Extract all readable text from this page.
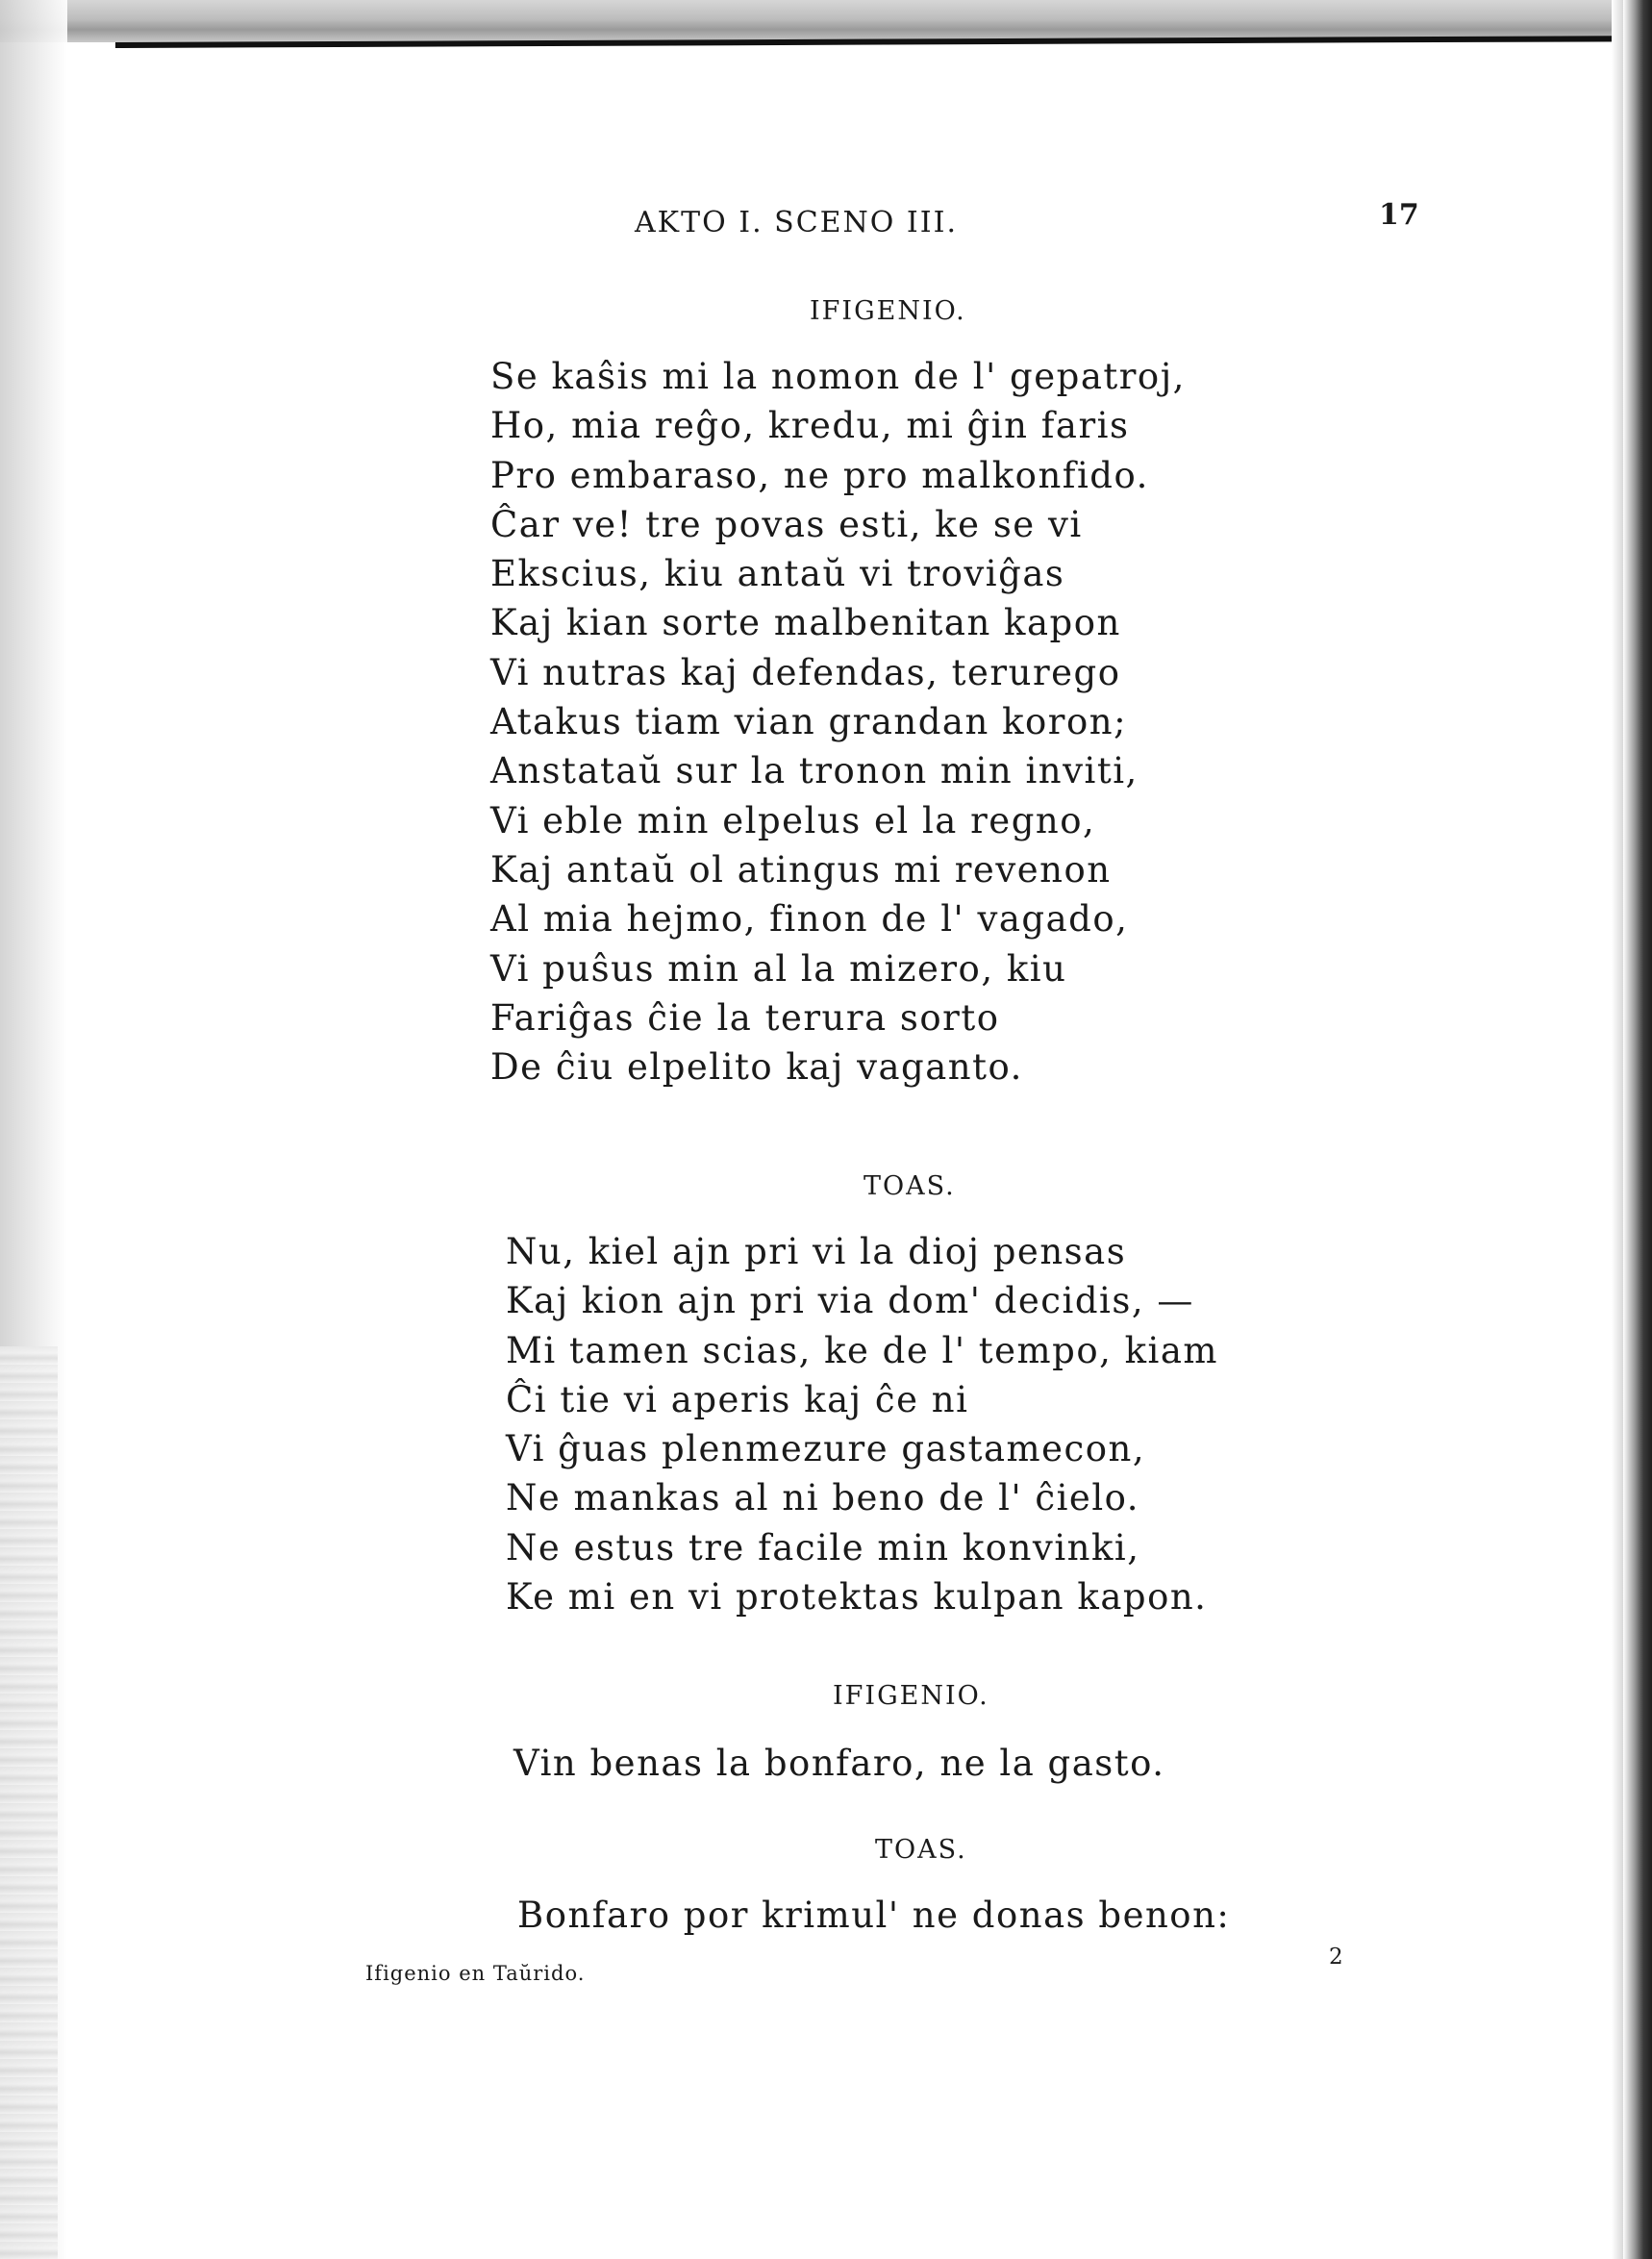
AKTO I. SCENO III.	17
IFIGENIO.
Se kaŝis mi la nomon de l' gepatroj,
Ho, mia reĝo, kredu, mi ĝin faris
Pro embaraso, ne pro malkonfido.
Ĉar ve! tre povas esti, ke se vi
Ekscius, kiu antaŭ vi troviĝas
Kaj kian sorte malbenitan kapon
Vi nutras kaj defendas, terurego
Atakus tiam vian grandan koron;
Anstataŭ sur la tronon min inviti,
Vi eble min elpelus el la regno,
Kaj antaŭ ol atingus mi revenon
Al mia hejmo, finon de l' vagado,
Vi puŝus min al la mizero, kiu
Fariĝas ĉie la terura sorto
De ĉiu elpelito kaj vaganto.
TOAS.
Nu, kiel ajn pri vi la dioj pensas
Kaj kion ajn pri via dom' decidis, —
Mi tamen scias, ke de l' tempo, kiam
Ĉi tie vi aperis kaj ĉe ni
Vi ĝuas plenmezure gastamecon,
Ne mankas al ni beno de l' ĉielo.
Ne estus tre facile min konvinki,
Ke mi en vi protektas kulpan kapon.
IFIGENIO.
Vin benas la bonfaro, ne la gasto.
TOAS.
Bonfaro por krimul' ne donas benon:
Ifigenio en Taŭrido.
2
